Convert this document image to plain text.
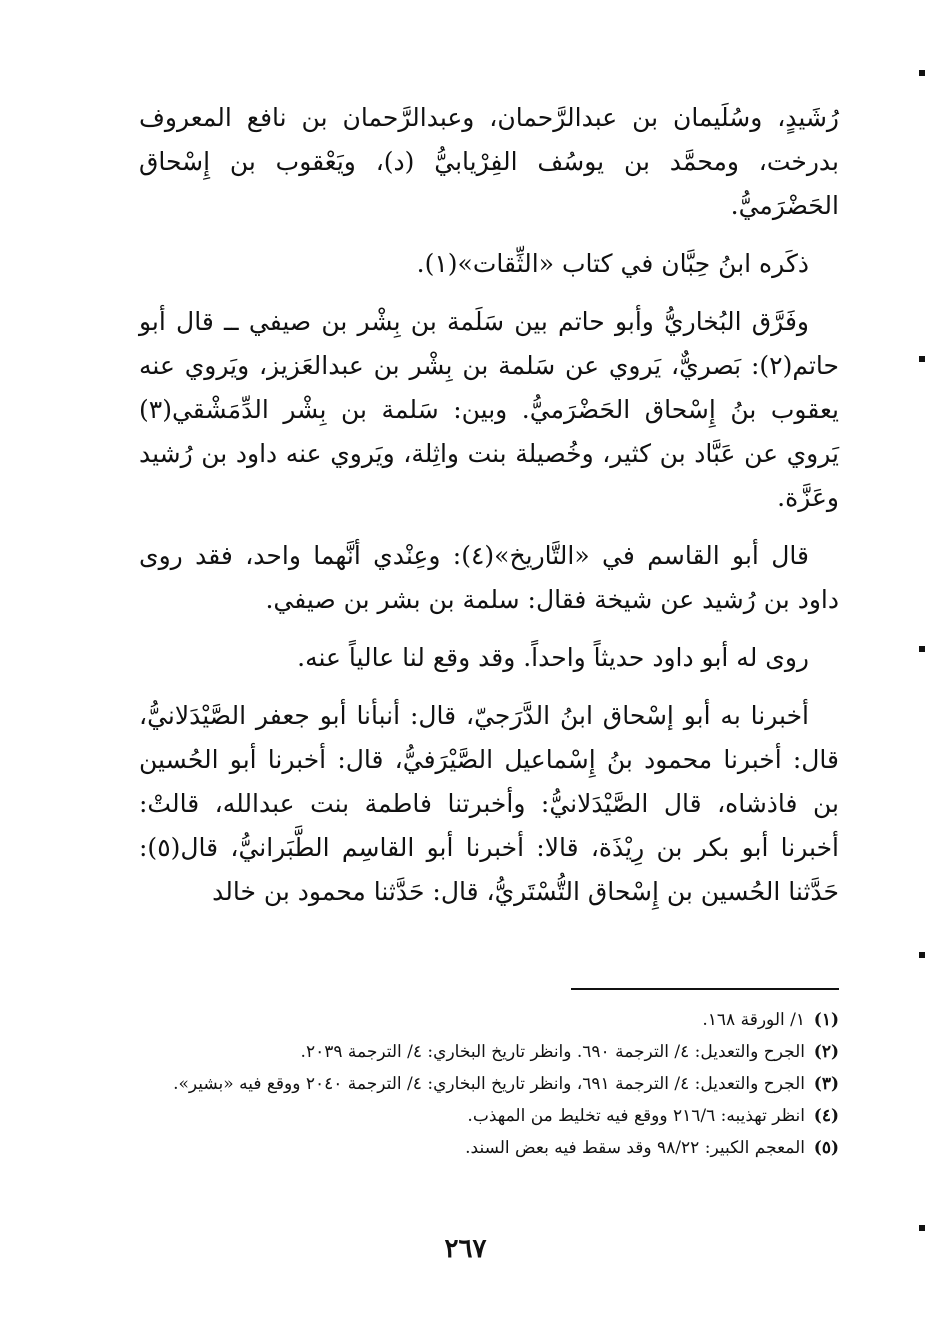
رُشَيدٍ، وسُلَيمان بن عبدالرَّحمان، وعبدالرَّحمان بن نافع المعروف بدرخت، ومحمَّد بن يوسُف الفِرْيابيُّ (د)، ويَعْقوب بن إِسْحاق الحَضْرَميُّ.

ذكَره ابنُ حِبَّان في كتاب «الثِّقات»(١).

وفَرَّق البُخاريُّ وأبو حاتم بين سَلَمة بن بِشْر بن صيفي ــ قال أبو حاتم(٢): بَصريٌّ، يَروي عن سَلمة بن بِشْر بن عبدالعَزيز، ويَروي عنه يعقوب بنُ إِسْحاق الحَضْرَميُّ. وبين: سَلمة بن بِشْر الدِّمَشْقي(٣) يَروي عن عَبَّاد بن كثير، وخُصيلة بنت واثِلة، ويَروي عنه داود بن رُشيد وعَزَّة.

قال أبو القاسم في «التَّاريخ»(٤): وعِنْدي أنَّهما واحد، فقد روى داود بن رُشيد عن شيخة فقال: سلمة بن بشر بن صيفي.

روى له أبو داود حديثاً واحداً. وقد وقع لنا عالياً عنه.

أخبرنا به أبو إسْحاق ابنُ الدَّرَجيّ، قال: أنبأنا أبو جعفر الصَّيْدَلانيُّ، قال: أخبرنا محمود بنُ إِسْماعيل الصَّيْرَفيُّ، قال: أخبرنا أبو الحُسين بن فاذشاه، قال الصَّيْدَلانيُّ: وأخبرتنا فاطمة بنت عبدالله، قالتْ: أخبرنا أبو بكر بن رِيْذَة، قالا: أخبرنا أبو القاسِم الطَّبَرانيُّ، قال(٥): حَدَّثنا الحُسين بن إِسْحاق التُّسْتَريُّ، قال: حَدَّثنا محمود بن خالد

(١)
١/ الورقة ١٦٨.
(٢)
الجرح والتعديل: ٤/ الترجمة ٦٩٠. وانظر تاريخ البخاري: ٤/ الترجمة ٢٠٣٩.
(٣)
الجرح والتعديل: ٤/ الترجمة ٦٩١، وانظر تاريخ البخاري: ٤/ الترجمة ٢٠٤٠ ووقع فيه «بشير».
(٤)
انظر تهذيبه: ٢١٦/٦ ووقع فيه تخليط من المهذب.
(٥)
المعجم الكبير: ٩٨/٢٢ وقد سقط فيه بعض السند.
٢٦٧
